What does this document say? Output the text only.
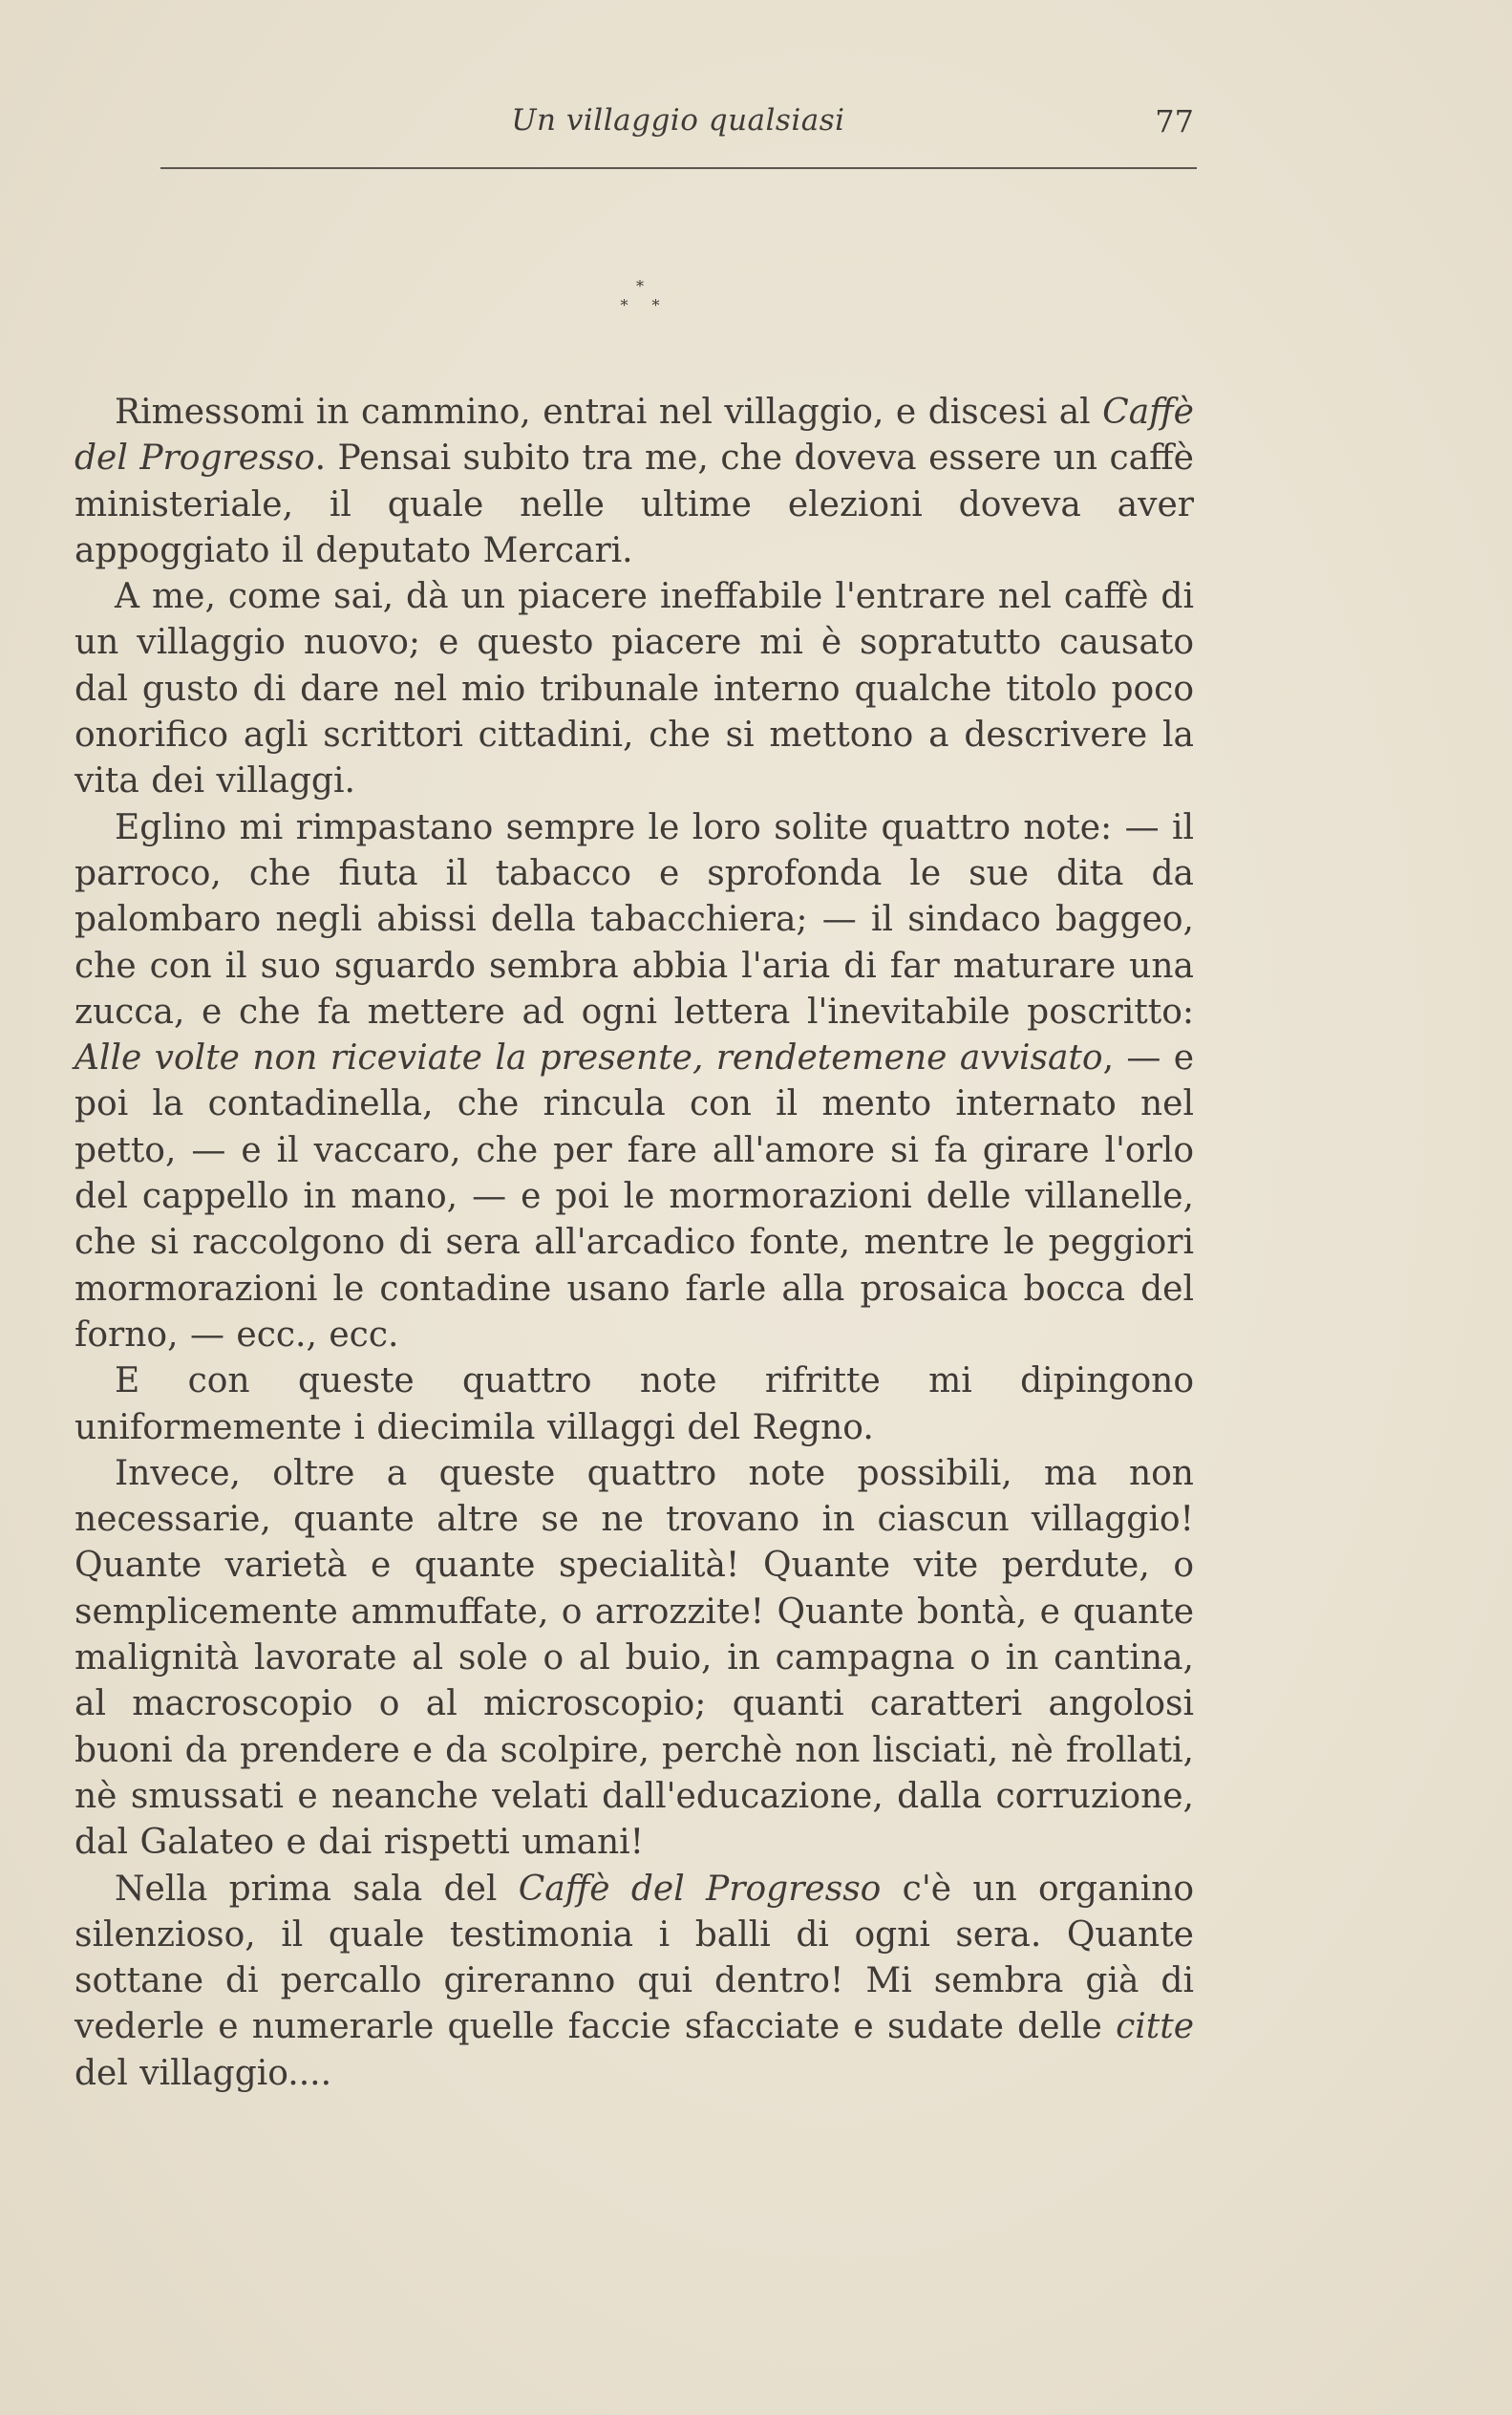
Un villaggio qualsiasi	77
*
* *

Rimessomi in cammino, entrai nel villaggio, e discesi al Caffè del Progresso. Pensai subito tra me, che doveva essere un caffè ministeriale, il quale nelle ultime elezioni doveva aver appoggiato il deputato Mercari.

A me, come sai, dà un piacere ineffabile l'entrare nel caffè di un villaggio nuovo; e questo piacere mi è sopratutto causato dal gusto di dare nel mio tribunale interno qualche titolo poco onorifico agli scrittori cittadini, che si mettono a descrivere la vita dei villaggi.

Eglino mi rimpastano sempre le loro solite quattro note: — il parroco, che fiuta il tabacco e sprofonda le sue dita da palombaro negli abissi della tabacchiera; — il sindaco baggeo, che con il suo sguardo sembra abbia l'aria di far maturare una zucca, e che fa mettere ad ogni lettera l'inevitabile poscritto: Alle volte non riceviate la presente, rendetemene avvisato, — e poi la contadinella, che rincula con il mento internato nel petto, — e il vaccaro, che per fare all'amore si fa girare l'orlo del cappello in mano, — e poi le mormorazioni delle villanelle, che si raccolgono di sera all'arcadico fonte, mentre le peggiori mormorazioni le contadine usano farle alla prosaica bocca del forno, — ecc., ecc.

E con queste quattro note rifritte mi dipingono uniformemente i diecimila villaggi del Regno.

Invece, oltre a queste quattro note possibili, ma non necessarie, quante altre se ne trovano in ciascun villaggio! Quante varietà e quante specialità! Quante vite perdute, o semplicemente ammuffate, o arrozzite! Quante bontà, e quante malignità lavorate al sole o al buio, in campagna o in cantina, al macroscopio o al microscopio; quanti caratteri angolosi buoni da prendere e da scolpire, perchè non lisciati, nè frollati, nè smussati e neanche velati dall'educazione, dalla corruzione, dal Galateo e dai rispetti umani!

Nella prima sala del Caffè del Progresso c'è un organino silenzioso, il quale testimonia i balli di ogni sera. Quante sottane di percallo gireranno qui dentro! Mi sembra già di vederle e numerarle quelle faccie sfacciate e sudate delle citte del villaggio....
